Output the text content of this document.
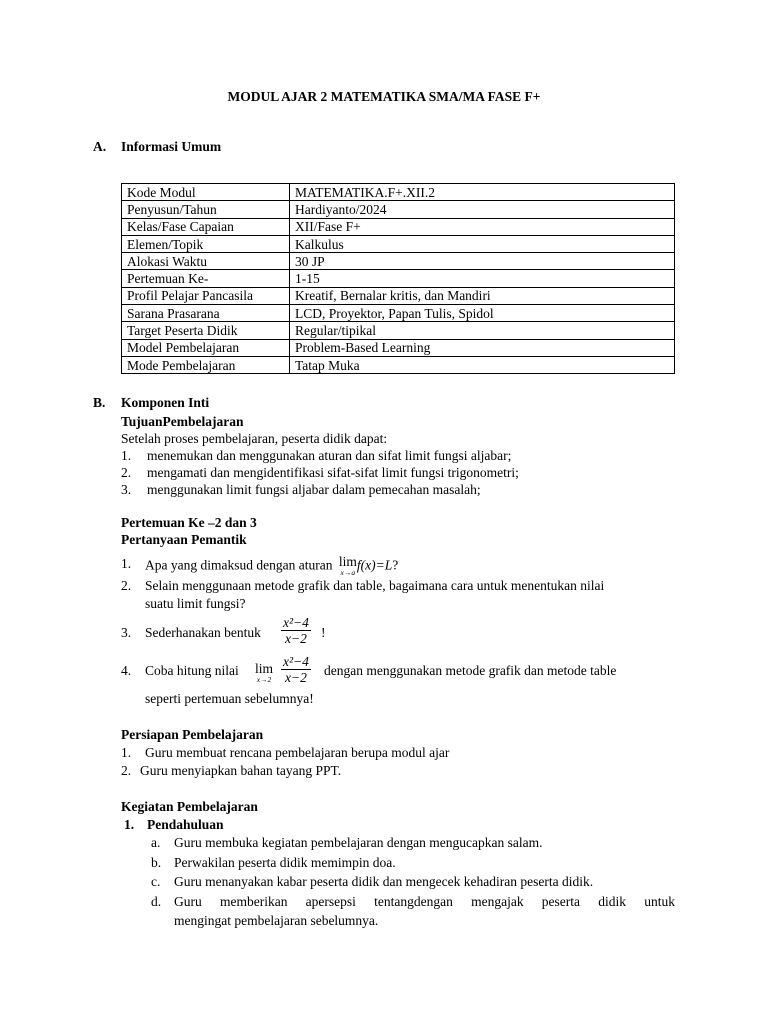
MODUL AJAR 2 MATEMATIKA SMA/MA FASE F+
A. Informasi Umum
Kode Modul	MATEMATIKA.F+.XII.2
Penyusun/Tahun	Hardiyanto/2024
Kelas/Fase Capaian	XII/Fase F+
Elemen/Topik	Kalkulus
Alokasi Waktu	30 JP
Pertemuan Ke-	1-15
Profil Pelajar Pancasila	Kreatif, Bernalar kritis, dan Mandiri
Sarana Prasarana	LCD, Proyektor, Papan Tulis, Spidol
Target Peserta Didik	Regular/tipikal
Model Pembelajaran	Problem-Based Learning
Mode Pembelajaran	Tatap Muka
B. Komponen Inti
TujuanPembelajaran
Setelah proses pembelajaran, peserta didik dapat:
1. menemukan dan menggunakan aturan dan sifat limit fungsi aljabar;
2. mengamati dan mengidentifikasi sifat-sifat limit fungsi trigonometri;
3. menggunakan limit fungsi aljabar dalam pemecahan masalah;
Pertemuan Ke –2 dan 3
Pertanyaan Pemantik
1. Apa yang dimaksud dengan aturan lim
x→a f(x)=L?
2. Selain menggunaan metode grafik dan table, bagaimana cara untuk menentukan nilai
suatu limit fungsi?
3. Sederhanakan bentuk $\frac{\text{x²−4}}{x-2}$ !
4. Coba hitung nilai lim
$x\to 2 \frac{\text{x²−4}}{x-2}$ dengan menggunakan metode grafik dan metode table
seperti pertemuan sebelumnya!
Persiapan Pembelajaran
1. Guru membuat rencana pembelajaran berupa modul ajar
2. Guru menyiapkan bahan tayang PPT.
Kegiatan Pembelajaran
1. Pendahuluan
a. Guru membuka kegiatan pembelajaran dengan mengucapkan salam.
b. Perwakilan peserta didik memimpin doa.
c. Guru menanyakan kabar peserta didik dan mengecek kehadiran peserta didik.
d. Guru memberikan apersepsi tentangdengan mengajak peserta didik untuk
mengingat pembelajaran sebelumnya.
